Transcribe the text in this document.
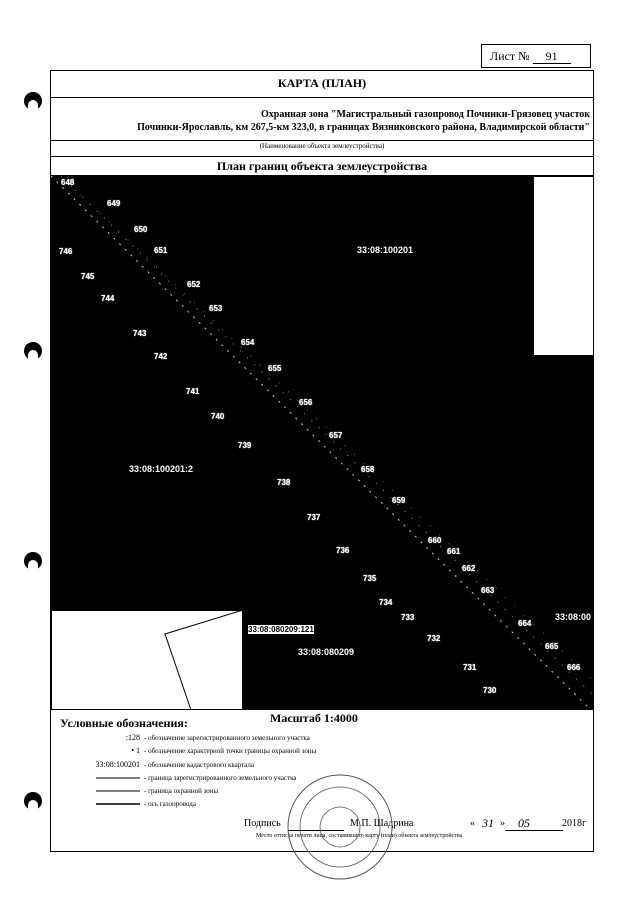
Лист № 91
КАРТА (ПЛАН)
Охранная зона "Магистральный газопровод Починки-Грязовец участок
Починки-Ярославль, км 267,5-км 323,0, в границах Вязниковского района, Владимирской области"
(Наименование объекта землеустройства)
План границ объекта землеустройства
648
649
650
651
652
653
654
655
656
657
658
659
660
661
662
663
664
665
666
746
745
744
743
742
741
740
739
738
737
736
735
734
733
732
731
730
33:08:100201
33:08:100201:2
33:08:080209:121
33:08:080209
33:08:00
Масштаб 1:4000
Условные обозначения:
:128 - обозначение зарегистрированного земельного участка
• 1 - обозначение характерной точки границы охранной зоны
33:08:100201 - обозначение кадастрового квартала
- граница зарегистрированного земельного участка
- граница охранной зоны
- ось газопровода
Подпись	М.П. Шадрина	« 31 » 05	2018г
Место оттиска печати лица, составившего карту (план) объекта землеустройства
